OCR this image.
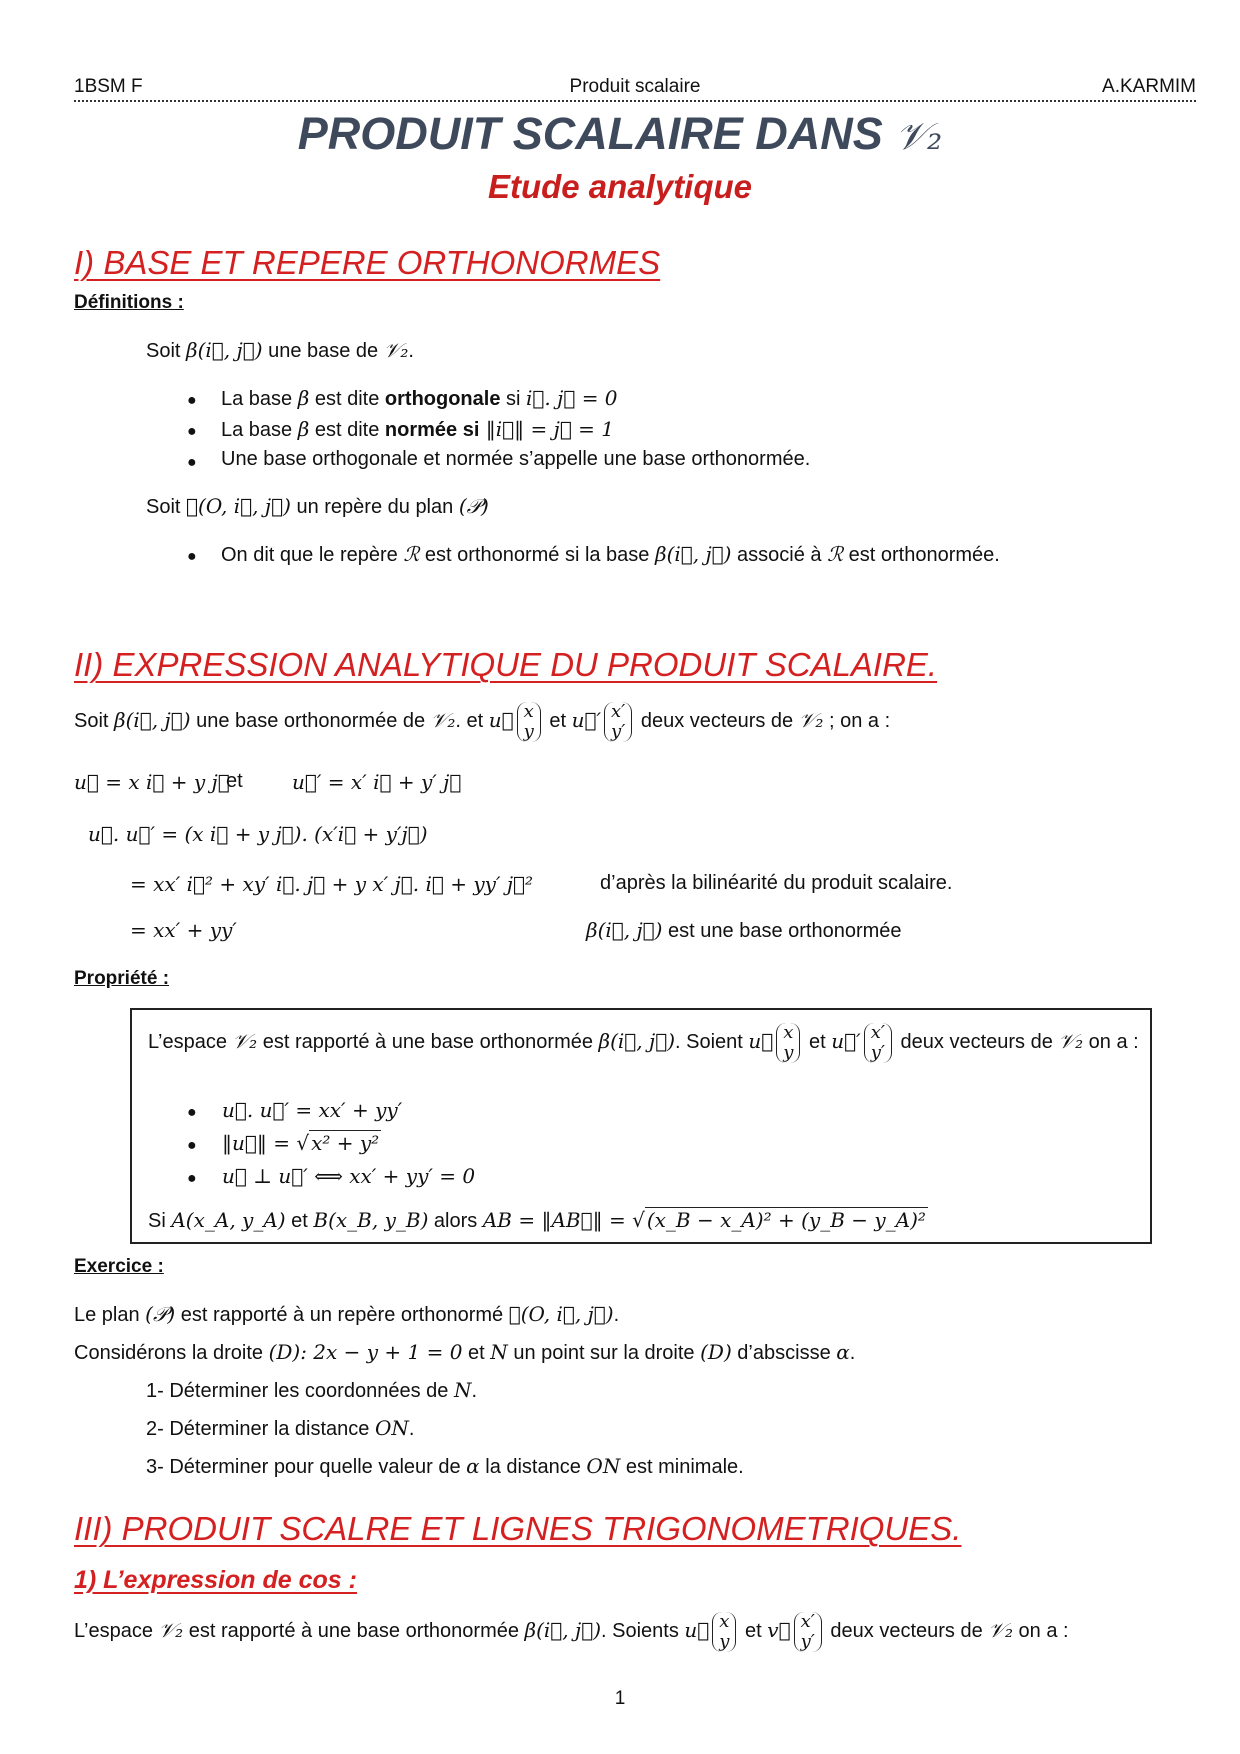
1BSM F	Produit scalaire	A.KARMIM
PRODUIT SCALAIRE DANS 𝒱₂
Etude analytique
I) BASE ET REPERE ORTHONORMES
Définitions :
Soit β(i⃗, j⃗) une base de 𝒱₂.
● La base β est dite orthogonale si i⃗. j⃗ = 0
● La base β est dite normée si ‖i⃗‖ = j⃗ = 1
● Une base orthogonale et normée s’appelle une base orthonormée.
Soit ℛ(O, i⃗, j⃗) un repère du plan (𝒫)
● On dit que le repère ℛ est orthonormé si la base β(i⃗, j⃗) associé à ℛ est orthonormée.
II) EXPRESSION ANALYTIQUE DU PRODUIT SCALAIRE.
Soit β(i⃗, j⃗) une base orthonormée de 𝒱₂. et u⃗ x
y et u⃗′ x′
y′ deux vecteurs de 𝒱₂ ; on a :
u⃗ = x i⃗ + y j⃗
et u⃗′ = x′ i⃗ + y′ j⃗
u⃗. u⃗′ = (x i⃗ + y j⃗). (x′i⃗ + y′j⃗)
= xx′ i⃗² + xy′ i⃗. j⃗ + y x′ j⃗. i⃗ + yy′ j⃗²	d’après la bilinéarité du produit scalaire.
= xx′ + yy′	β(i⃗, j⃗) est une base orthonormée
Propriété :
L’espace 𝒱₂ est rapporté à une base orthonormée β(i⃗, j⃗). Soient u⃗ x
y et u⃗′ x′
y′ deux vecteurs de 𝒱₂ on a :
● u⃗. u⃗′ = xx′ + yy′
● ‖u⃗‖ = √ x² + y²
● u⃗ ⊥ u⃗′ ⟺ xx′ + yy′ = 0
Si A(x_A, y_A) et B(x_B, y_B) alors AB = ‖AB⃗‖ = √ (x_B − x_A)² + (y_B − y_A)²
Exercice :
Le plan (𝒫) est rapporté à un repère orthonormé ℛ(O, i⃗, j⃗).
Considérons la droite (D): 2x − y + 1 = 0 et N un point sur la droite (D) d’abscisse α.
1- Déterminer les coordonnées de N.
2- Déterminer la distance ON.
3- Déterminer pour quelle valeur de α la distance ON est minimale.
III) PRODUIT SCALRE ET LIGNES TRIGONOMETRIQUES.
1) L’expression de cos :
L’espace 𝒱₂ est rapporté à une base orthonormée β(i⃗, j⃗). Soients u⃗ x
y et v⃗ x′
y′ deux vecteurs de 𝒱₂ on a :
1
